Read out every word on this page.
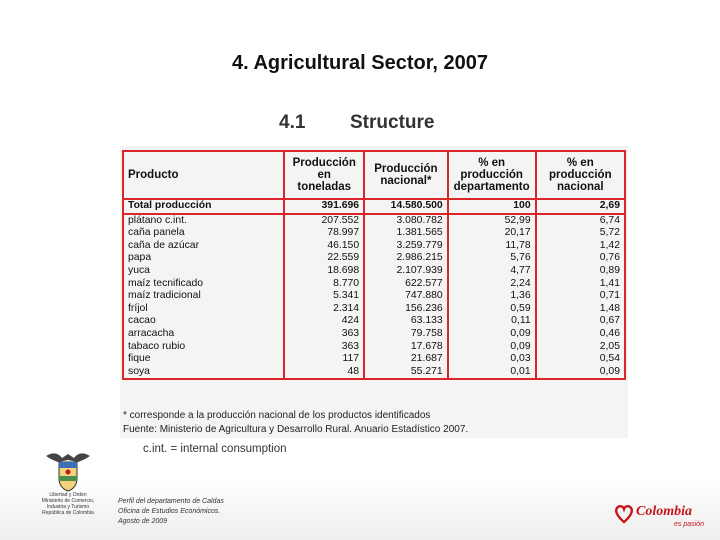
4. Agricultural Sector, 2007
4.1 Structure
Producto	Producción en toneladas	Producción nacional*	% en producción departamento	% en producción nacional
Total producción	391.696	14.580.500	100	2,69
plátano c.int.	207.552	3.080.782	52,99	6,74
caña panela	78.997	1.381.565	20,17	5,72
caña de azúcar	46.150	3.259.779	11,78	1,42
papa	22.559	2.986.215	5,76	0,76
yuca	18.698	2.107.939	4,77	0,89
maíz tecnificado	8.770	622.577	2,24	1,41
maíz tradicional	5.341	747.880	1,36	0,71
fríjol	2.314	156.236	0,59	1,48
cacao	424	63.133	0,11	0,67
arracacha	363	79.758	0,09	0,46
tabaco rubio	363	17.678	0,09	2,05
fique	117	21.687	0,03	0,54
soya	48	55.271	0,01	0,09
* corresponde a la producción nacional de los productos identificados
Fuente: Ministerio de Agricultura y Desarrollo Rural. Anuario Estadístico 2007.
c.int. = internal consumption
Libertad y Orden
Ministerio de Comercio,
Industria y Turismo
República de Colombia
Perfil del departamento de Caldas
Oficina de Estudios Económicos.
Agosto de 2009
Colombia
es pasión
